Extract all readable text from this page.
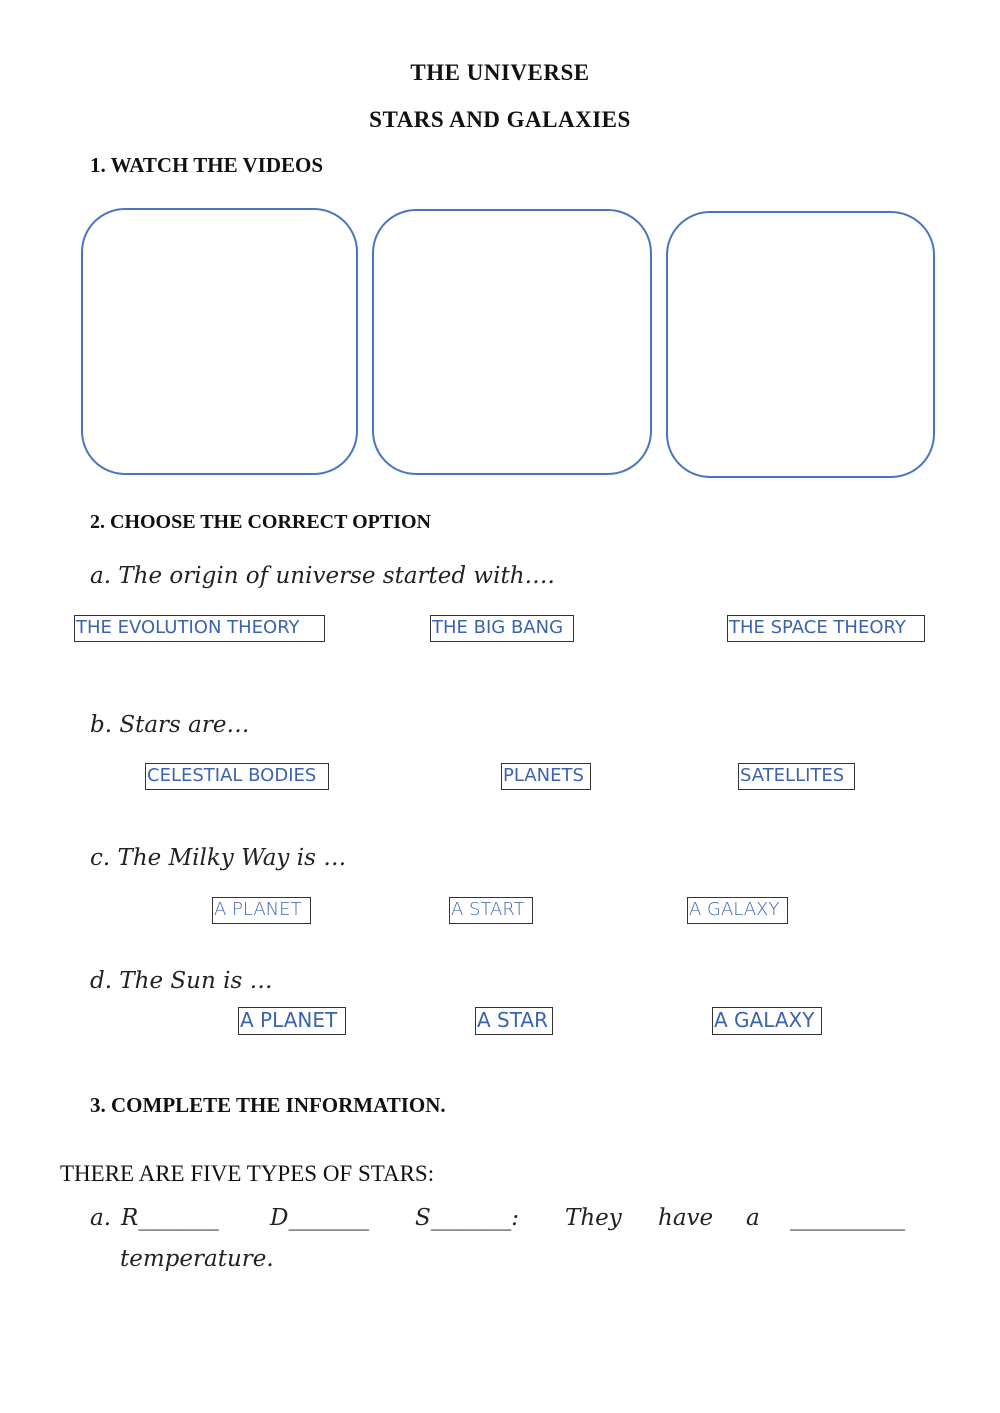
THE UNIVERSE
STARS AND GALAXIES
1. WATCH THE VIDEOS
2. CHOOSE THE CORRECT OPTION
a. The origin of universe started with….
THE EVOLUTION THEORY	THE BIG BANG	THE SPACE THEORY
b. Stars are…
CELESTIAL BODIES	PLANETS	SATELLITES
c. The Milky Way is …
A PLANET	A START	A GALAXY
d. The Sun is …
A PLANET	A STAR	A GALAXY
3. COMPLETE THE INFORMATION.
THERE ARE FIVE TYPES OF STARS:
a. R_______ D_______ S_______: They have a __________
temperature.
